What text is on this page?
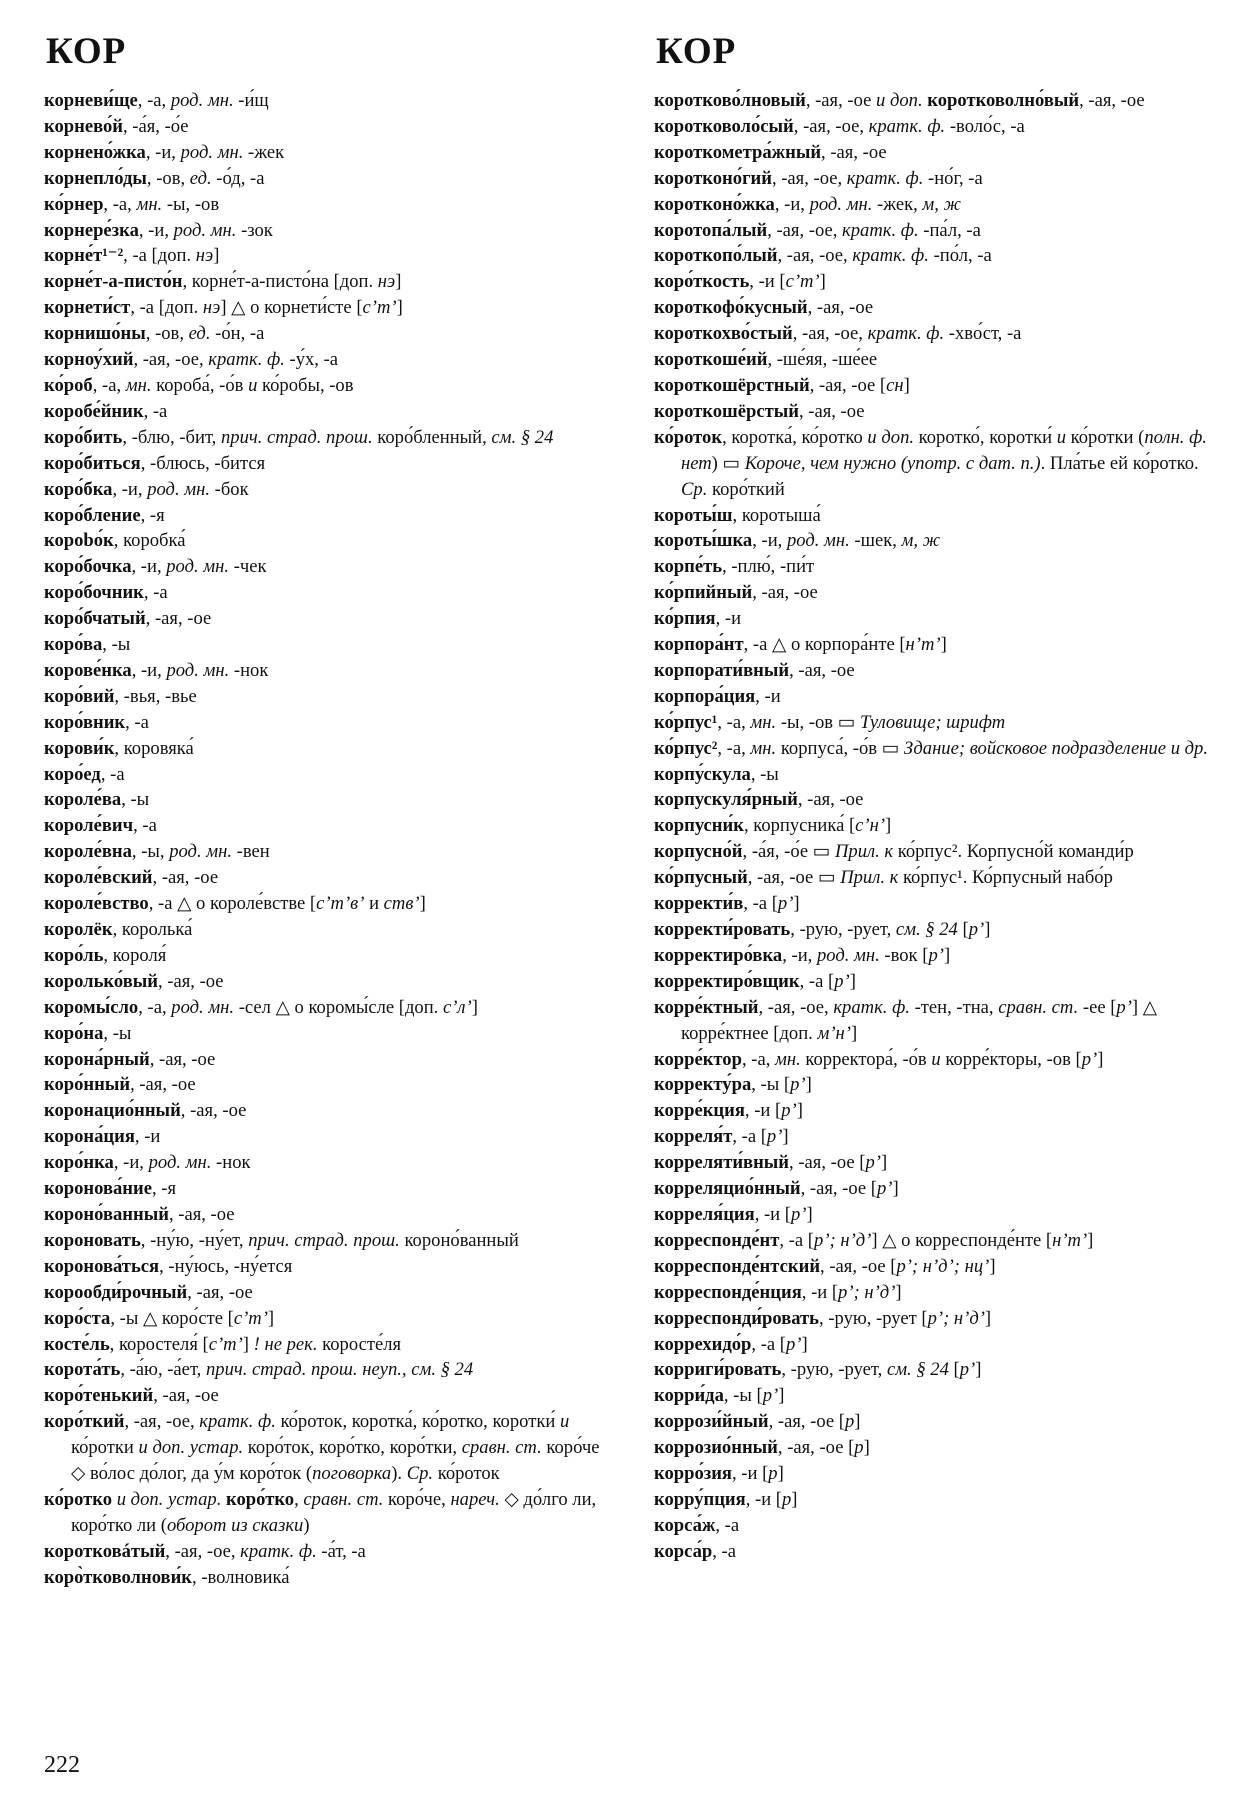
КОР	КОР

корневи́ще, -а, род. мн. -и́щ

корнево́й, -а́я, -о́е

корнено́жка, -и, род. мн. -жек

корнепло́ды, -ов, ед. -о́д, -а

ко́рнер, -а, мн. -ы, -ов

корнере́зка, -и, род. мн. -зок

корне́т¹⁻², -а [доп. нэ]

корне́т-а-писто́н, корне́т-а-писто́на [доп. нэ]

корнети́ст, -а [доп. нэ] △ о корнети́сте [сʼтʼ]

корнишо́ны, -ов, ед. -о́н, -а

корноу́хий, -ая, -ое, кратк. ф. -у́х, -а

ко́роб, -а, мн. короба́, -о́в и ко́робы, -ов

коробе́йник, -а

коро́бить, -блю, -бит, прич. страд. прош. коро́бленный, см. § 24

коро́биться, -блюсь, -бится

коро́бка, -и, род. мн. -бок

коро́бление, -я

корobо́к, коробка́

коро́бочка, -и, род. мн. -чек

коро́бочник, -а

коро́бчатый, -ая, -ое

коро́ва, -ы

корове́нка, -и, род. мн. -нок

коро́вий, -вья, -вье

коро́вник, -а

корови́к, коровяка́

коро́ед, -а

короле́ва, -ы

короле́вич, -а

короле́вна, -ы, род. мн. -вен

короле́вский, -ая, -ое

короле́вство, -а △ о короле́встве [сʼтʼвʼ и ствʼ]

королёк, королька́

коро́ль, короля́

королько́вый, -ая, -ое

коромы́сло, -а, род. мн. -сел △ о коромы́сле [доп. сʼлʼ]

коро́на, -ы

корона́рный, -ая, -ое

коро́нный, -ая, -ое

коронацио́нный, -ая, -ое

корона́ция, -и

коро́нка, -и, род. мн. -нок

коронова́ние, -я

короно́ванный, -ая, -ое

короновать, -ну́ю, -ну́ет, прич. страд. прош. короно́ванный

коронова́ться, -ну́юсь, -ну́ется

корообди́рочный, -ая, -ое

коро́ста, -ы △ коро́сте [сʼтʼ]

косте́ль, коростеля́ [сʼтʼ] ! не рек. коросте́ля

корота́ть, -а́ю, -а́ет, прич. страд. прош. неуп., см. § 24

коро́тенький, -ая, -ое

коро́ткий, -ая, -ое, кратк. ф. ко́роток, коротка́, ко́ротко, коротки́ и ко́ротки и доп. устар. коро́ток, коро́тко, коро́тки, сравн. ст. коро́че ◇ во́лос до́лог, да у́м коро́ток (поговорка). Ср. ко́роток

ко́ротко и доп. устар. коро́тко, сравн. ст. коро́че, нареч. ◇ до́лго ли, коро́тко ли (оборот из сказки)

коротковáтый, -ая, -ое, кратк. ф. -а́т, -а

коро̀тковолнови́к, -волновика́

коротково́лновый, -ая, -ое и доп. коротковолно́вый, -ая, -ое

коротковоло́сый, -ая, -ое, кратк. ф. -воло́с, -а

короткометра́жный, -ая, -ое

коротконо́гий, -ая, -ое, кратк. ф. -но́г, -а

коротконо́жка, -и, род. мн. -жек, м, ж

коротопа́лый, -ая, -ое, кратк. ф. -па́л, -а

короткопо́лый, -ая, -ое, кратк. ф. -по́л, -а

коро́ткость, -и [сʼтʼ]

короткофо́кусный, -ая, -ое

короткохво́стый, -ая, -ое, кратк. ф. -хво́ст, -а

короткоше́ий, -ше́яя, -ше́ее

короткошёрстный, -ая, -ое [сн]

короткошёрстый, -ая, -ое

ко́роток, коротка́, ко́ротко и доп. коротко́, коротки́ и ко́ротки (полн. ф. нет) ▭ Короче, чем нужно (употр. с дат. п.). Пла́тье ей ко́ротко. Ср. коро́ткий

короты́ш, коротыша́

короты́шка, -и, род. мн. -шек, м, ж

корпе́ть, -плю́, -пи́т

ко́рпийный, -ая, -ое

ко́рпия, -и

корпора́нт, -а △ о корпора́нте [нʼтʼ]

корпорати́вный, -ая, -ое

корпора́ция, -и

ко́рпус¹, -а, мн. -ы, -ов ▭ Туловище; шрифт

ко́рпус², -а, мн. корпуса́, -о́в ▭ Здание; войсковое подразделение и др.

корпу́скула, -ы

корпускуля́рный, -ая, -ое

корпусни́к, корпусника́ [сʼнʼ]

корпусно́й, -а́я, -о́е ▭ Прил. к ко́рпус². Корпусно́й команди́р

ко́рпусный, -ая, -ое ▭ Прил. к ко́рпус¹. Ко́рпусный набо́р

корректи́в, -а [рʼ]

корректи́ровать, -рую, -рует, см. § 24 [рʼ]

корректиро́вка, -и, род. мн. -вок [рʼ]

корректиро́вщик, -а [рʼ]

корре́ктный, -ая, -ое, кратк. ф. -тен, -тна, сравн. ст. -ее [рʼ] △ корре́ктнее [доп. мʼнʼ]

корре́ктор, -а, мн. корректора́, -о́в и корре́кторы, -ов [рʼ]

корректу́ра, -ы [рʼ]

корре́кция, -и [рʼ]

корреля́т, -а [рʼ]

корреляти́вный, -ая, -ое [рʼ]

корреляцио́нный, -ая, -ое [рʼ]

корреля́ция, -и [рʼ]

корреспонде́нт, -а [рʼ; нʼдʼ] △ о корреспонде́нте [нʼтʼ]

корреспонде́нтский, -ая, -ое [рʼ; нʼдʼ; нцʼ]

корреспонде́нция, -и [рʼ; нʼдʼ]

корреспонди́ровать, -рую, -рует [рʼ; нʼдʼ]

коррехидо́р, -а [рʼ]

корриги́ровать, -рую, -рует, см. § 24 [рʼ]

корри́да, -ы [рʼ]

коррози́йный, -ая, -ое [р]

коррозио́нный, -ая, -ое [р]

корро́зия, -и [р]

корру́пция, -и [р]

корса́ж, -а

корса́р, -а

222
